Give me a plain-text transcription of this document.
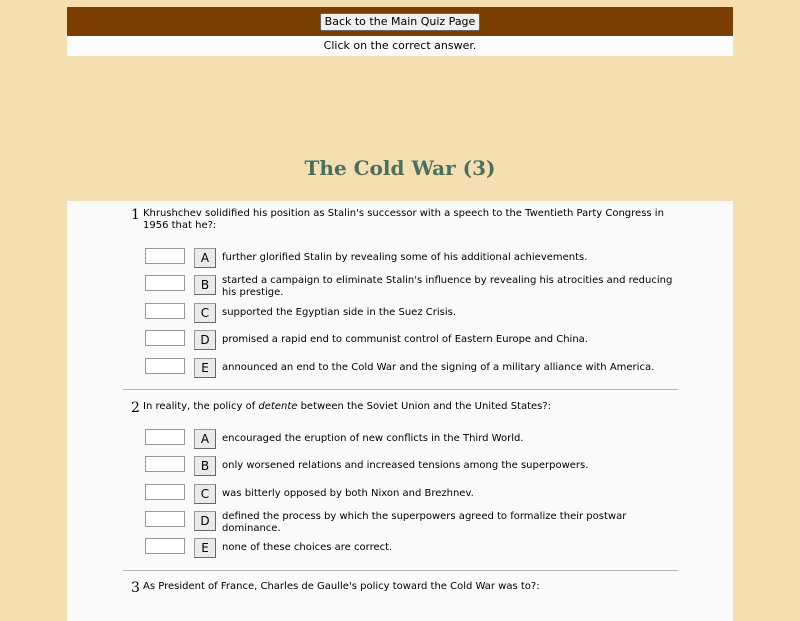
Back to the Main Quiz Page
Click on the correct answer.
The Cold War (3)
1 Khrushchev solidified his position as Stalin's successor with a speech to the Twentieth Party Congress in 1956 that he?:
A	further glorified Stalin by revealing some of his additional achievements.
B	started a campaign to eliminate Stalin's influence by revealing his atrocities and reducing his prestige.
C	supported the Egyptian side in the Suez Crisis.
D	promised a rapid end to communist control of Eastern Europe and China.
E	announced an end to the Cold War and the signing of a military alliance with America.
2 In reality, the policy of detente between the Soviet Union and the United States?:
A	encouraged the eruption of new conflicts in the Third World.
B	only worsened relations and increased tensions among the superpowers.
C	was bitterly opposed by both Nixon and Brezhnev.
D	defined the process by which the superpowers agreed to formalize their postwar dominance.
E	none of these choices are correct.
3 As President of France, Charles de Gaulle's policy toward the Cold War was to?:
